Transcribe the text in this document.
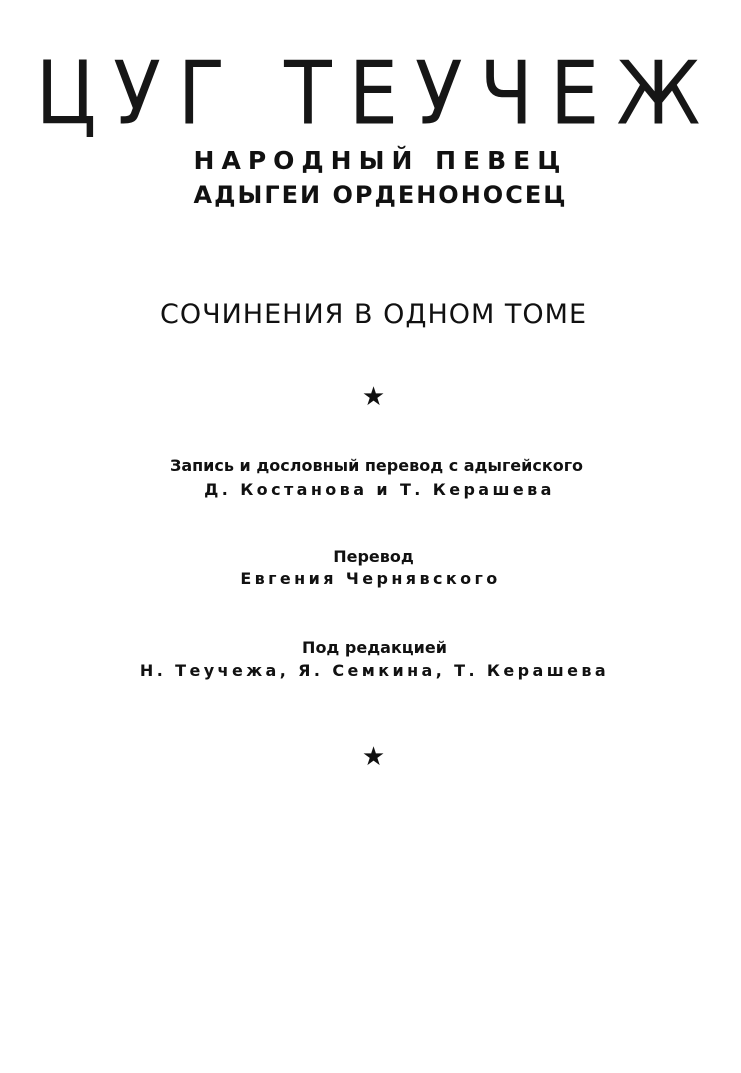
ЦУГ ТЕУЧЕЖ
НАРОДНЫЙ ПЕВЕЦ
АДЫГЕИ ОРДЕНОНОСЕЦ
СОЧИНЕНИЯ В ОДНОМ ТОМЕ
★
Запись и дословный перевод с адыгейского
Д. Костанова и Т. Керашева
Перевод
Евгения Чернявского
Под редакцией
Н. Теучежа, Я. Семкина, Т. Керашева
★
